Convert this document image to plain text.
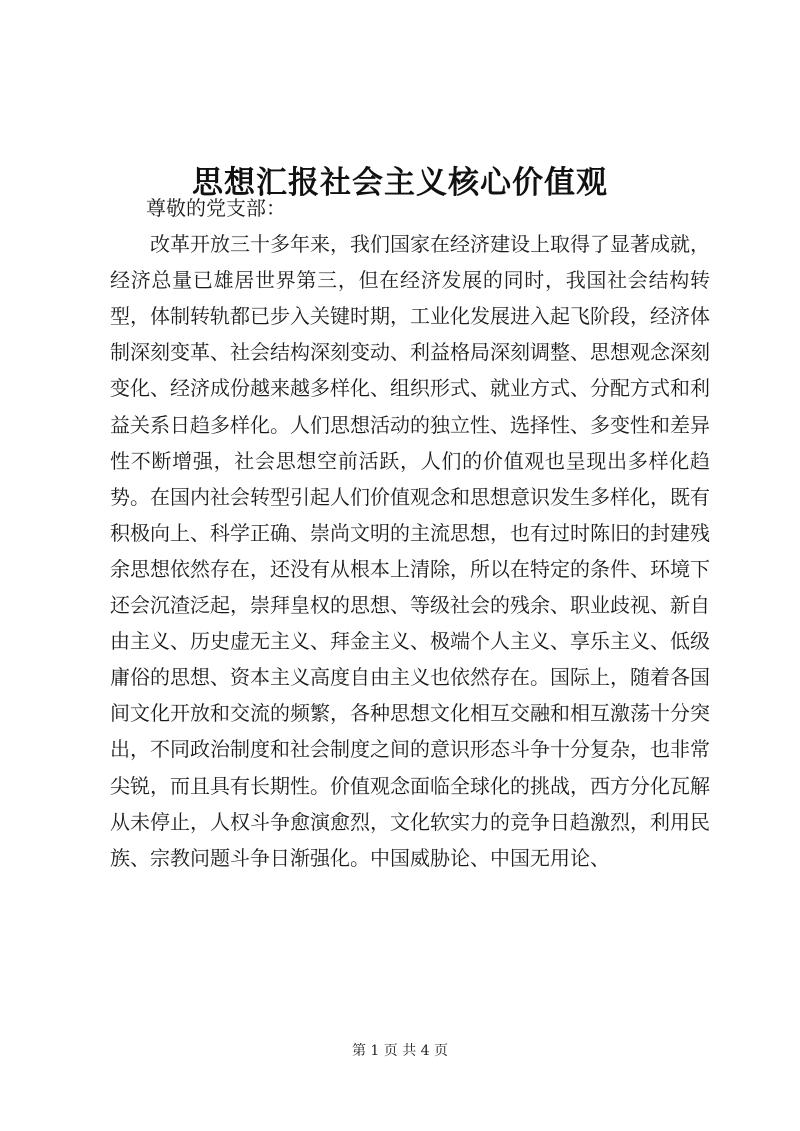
思想汇报社会主义核心价值观

尊敬的党支部：

改革开放三十多年来，我们国家在经济建设上取得了显著成就，经济总量已雄居世界第三，但在经济发展的同时，我国社会结构转型，体制转轨都已步入关键时期，工业化发展进入起飞阶段，经济体制深刻变革、社会结构深刻变动、利益格局深刻调整、思想观念深刻变化、经济成份越来越多样化、组织形式、就业方式、分配方式和利益关系日趋多样化。人们思想活动的独立性、选择性、多变性和差异性不断增强，社会思想空前活跃，人们的价值观也呈现出多样化趋势。在国内社会转型引起人们价值观念和思想意识发生多样化，既有积极向上、科学正确、崇尚文明的主流思想，也有过时陈旧的封建残余思想依然存在，还没有从根本上清除，所以在特定的条件、环境下还会沉渣泛起，崇拜皇权的思想、等级社会的残余、职业歧视、新自由主义、历史虚无主义、拜金主义、极端个人主义、享乐主义、低级庸俗的思想、资本主义高度自由主义也依然存在。国际上，随着各国间文化开放和交流的频繁，各种思想文化相互交融和相互激荡十分突出，不同政治制度和社会制度之间的意识形态斗争十分复杂，也非常尖锐，而且具有长期性。价值观念面临全球化的挑战，西方分化瓦解从未停止，人权斗争愈演愈烈，文化软实力的竞争日趋激烈，利用民族、宗教问题斗争日渐强化。中国威胁论、中国无用论、

第 1 页 共 4 页
